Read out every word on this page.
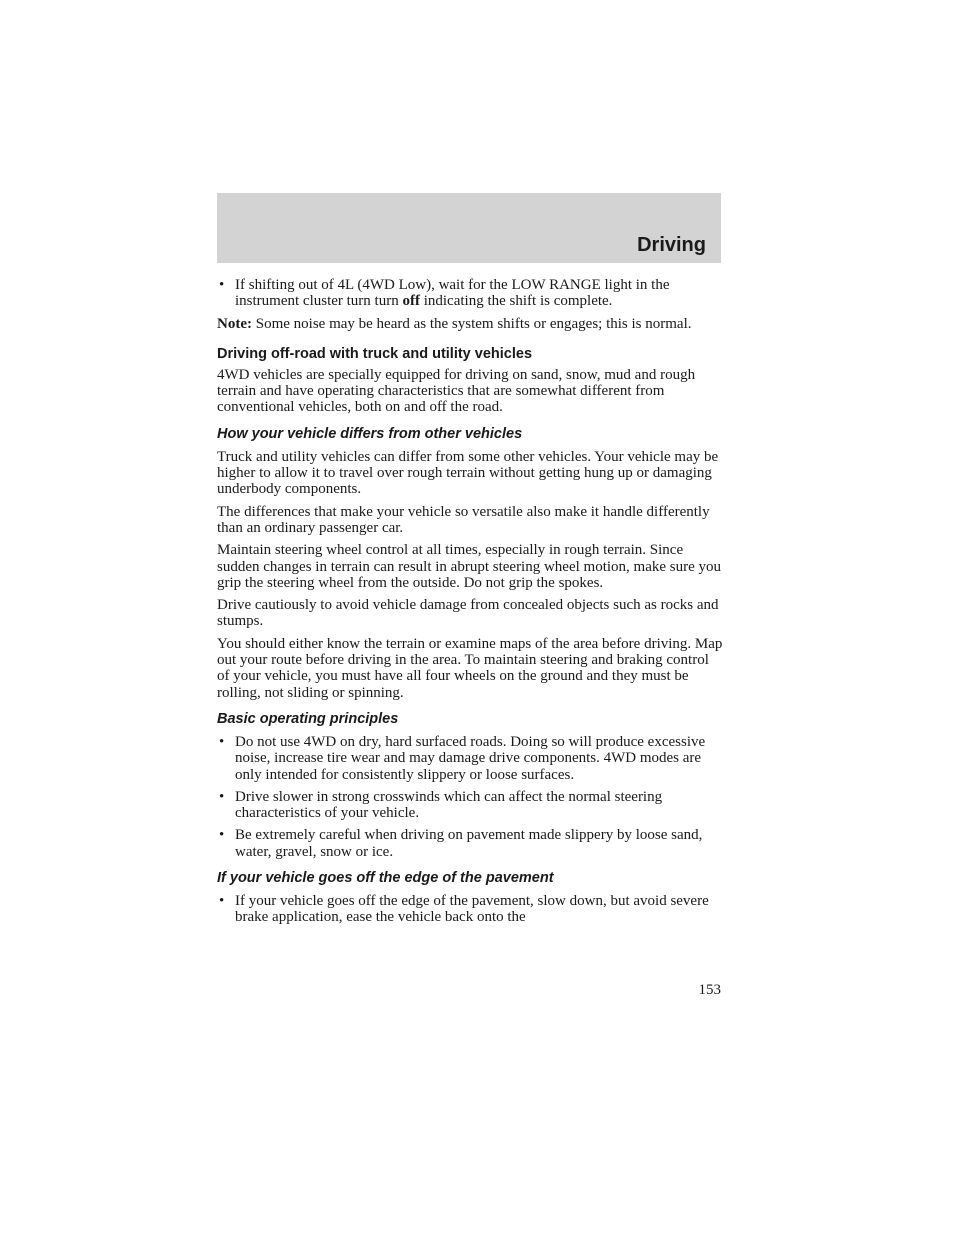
Driving
• If shifting out of 4L (4WD Low), wait for the LOW RANGE light in the instrument cluster turn turn off indicating the shift is complete.

Note: Some noise may be heard as the system shifts or engages; this is normal.

Driving off-road with truck and utility vehicles

4WD vehicles are specially equipped for driving on sand, snow, mud and rough terrain and have operating characteristics that are somewhat different from conventional vehicles, both on and off the road.

How your vehicle differs from other vehicles

Truck and utility vehicles can differ from some other vehicles. Your vehicle may be higher to allow it to travel over rough terrain without getting hung up or damaging underbody components.

The differences that make your vehicle so versatile also make it handle differently than an ordinary passenger car.

Maintain steering wheel control at all times, especially in rough terrain. Since sudden changes in terrain can result in abrupt steering wheel motion, make sure you grip the steering wheel from the outside. Do not grip the spokes.

Drive cautiously to avoid vehicle damage from concealed objects such as rocks and stumps.

You should either know the terrain or examine maps of the area before driving. Map out your route before driving in the area. To maintain steering and braking control of your vehicle, you must have all four wheels on the ground and they must be rolling, not sliding or spinning.

Basic operating principles
• Do not use 4WD on dry, hard surfaced roads. Doing so will produce excessive noise, increase tire wear and may damage drive components. 4WD modes are only intended for consistently slippery or loose surfaces.
• Drive slower in strong crosswinds which can affect the normal steering characteristics of your vehicle.
• Be extremely careful when driving on pavement made slippery by loose sand, water, gravel, snow or ice.
If your vehicle goes off the edge of the pavement
• If your vehicle goes off the edge of the pavement, slow down, but avoid severe brake application, ease the vehicle back onto the
153
